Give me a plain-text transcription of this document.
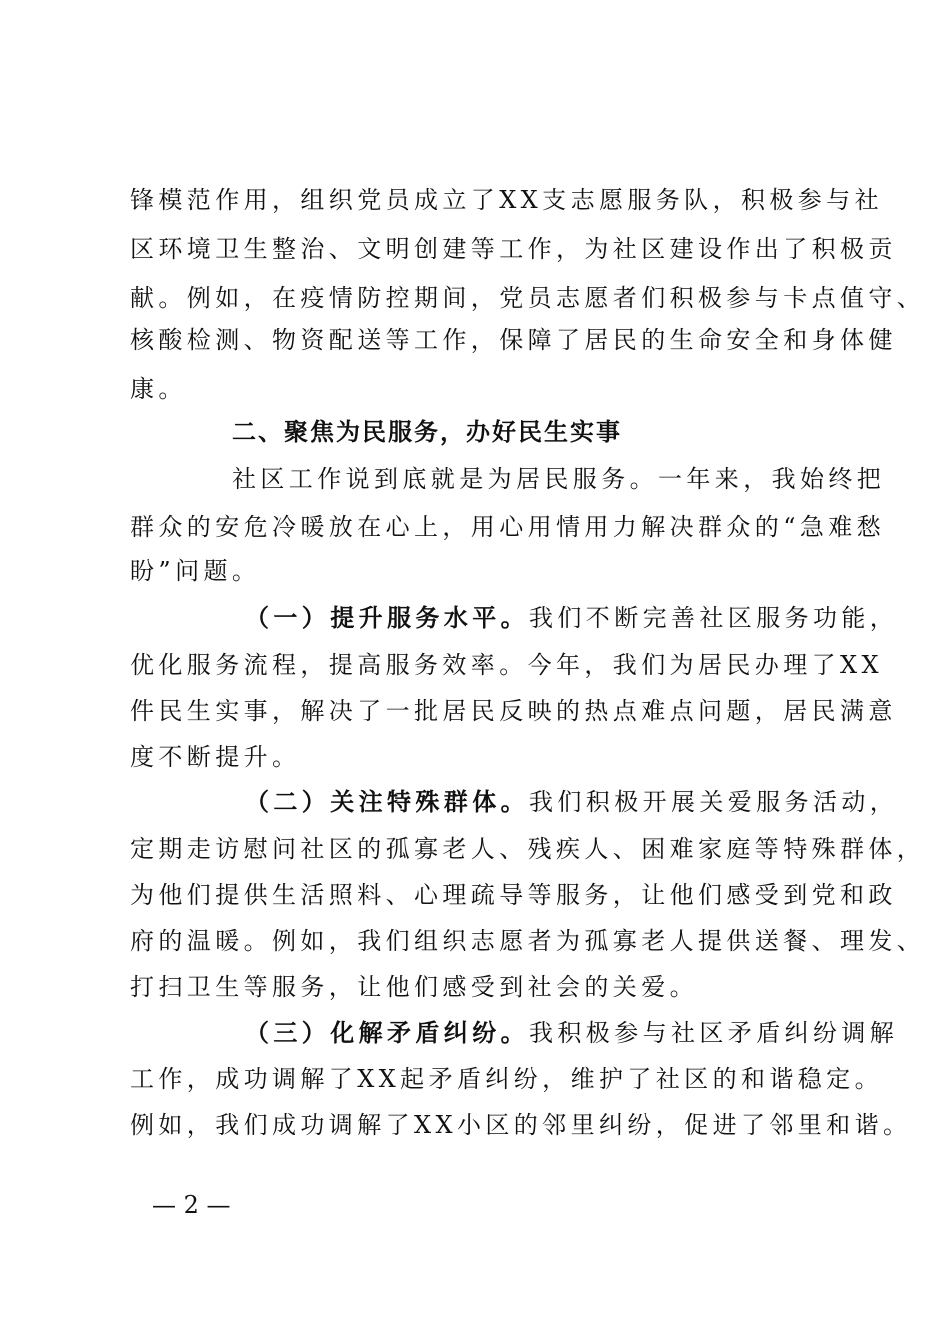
锋模范作用，组织党员成立了XX支志愿服务队，积极参与社
区环境卫生整治、文明创建等工作，为社区建设作出了积极贡
献。例如，在疫情防控期间，党员志愿者们积极参与卡点值守、
核酸检测、物资配送等工作，保障了居民的生命安全和身体健
康。
二、聚焦为民服务，办好民生实事
社区工作说到底就是为居民服务。一年来，我始终把
群众的安危冷暖放在心上，用心用情用力解决群众的“急难愁
盼”问题。
（一）提升服务水平。我们不断完善社区服务功能，
优化服务流程，提高服务效率。今年，我们为居民办理了XX
件民生实事，解决了一批居民反映的热点难点问题，居民满意
度不断提升。
（二）关注特殊群体。我们积极开展关爱服务活动，
定期走访慰问社区的孤寡老人、残疾人、困难家庭等特殊群体，
为他们提供生活照料、心理疏导等服务，让他们感受到党和政
府的温暖。例如，我们组织志愿者为孤寡老人提供送餐、理发、
打扫卫生等服务，让他们感受到社会的关爱。
（三）化解矛盾纠纷。我积极参与社区矛盾纠纷调解
工作，成功调解了XX起矛盾纠纷，维护了社区的和谐稳定。
例如，我们成功调解了XX小区的邻里纠纷，促进了邻里和谐。
— 2 —
